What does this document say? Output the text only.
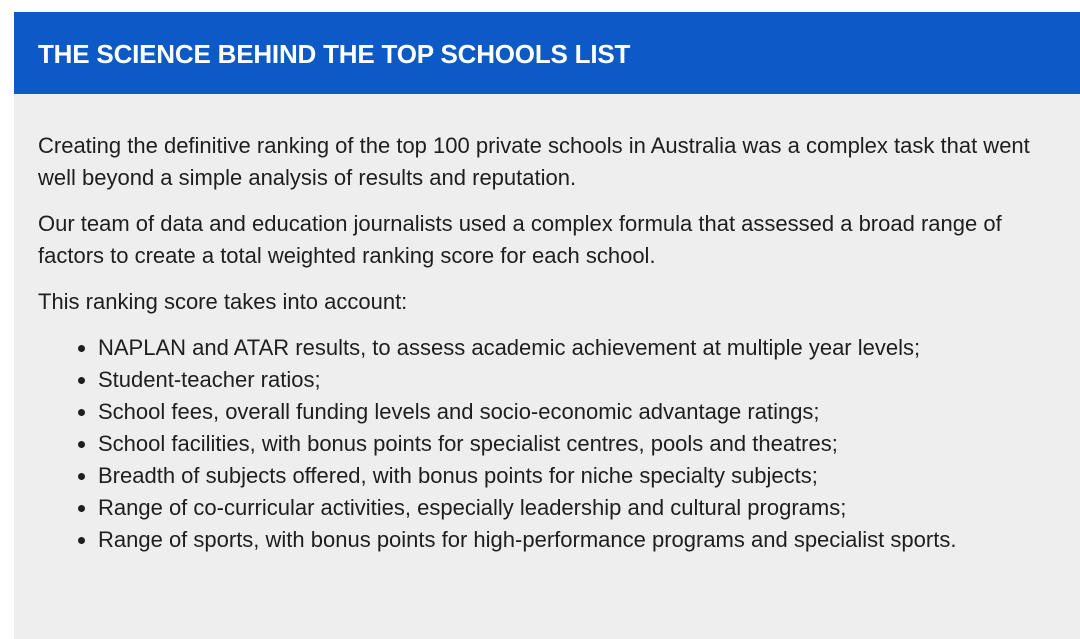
THE SCIENCE BEHIND THE TOP SCHOOLS LIST

Creating the definitive ranking of the top 100 private schools in Australia was a complex task that went well beyond a simple analysis of results and reputation.

Our team of data and education journalists used a complex formula that assessed a broad range of factors to create a total weighted ranking score for each school.

This ranking score takes into account:

• NAPLAN and ATAR results, to assess academic achievement at multiple year levels;
• Student-teacher ratios;
• School fees, overall funding levels and socio-economic advantage ratings;
• School facilities, with bonus points for specialist centres, pools and theatres;
• Breadth of subjects offered, with bonus points for niche specialty subjects;
• Range of co-curricular activities, especially leadership and cultural programs;
• Range of sports, with bonus points for high-performance programs and specialist sports.
